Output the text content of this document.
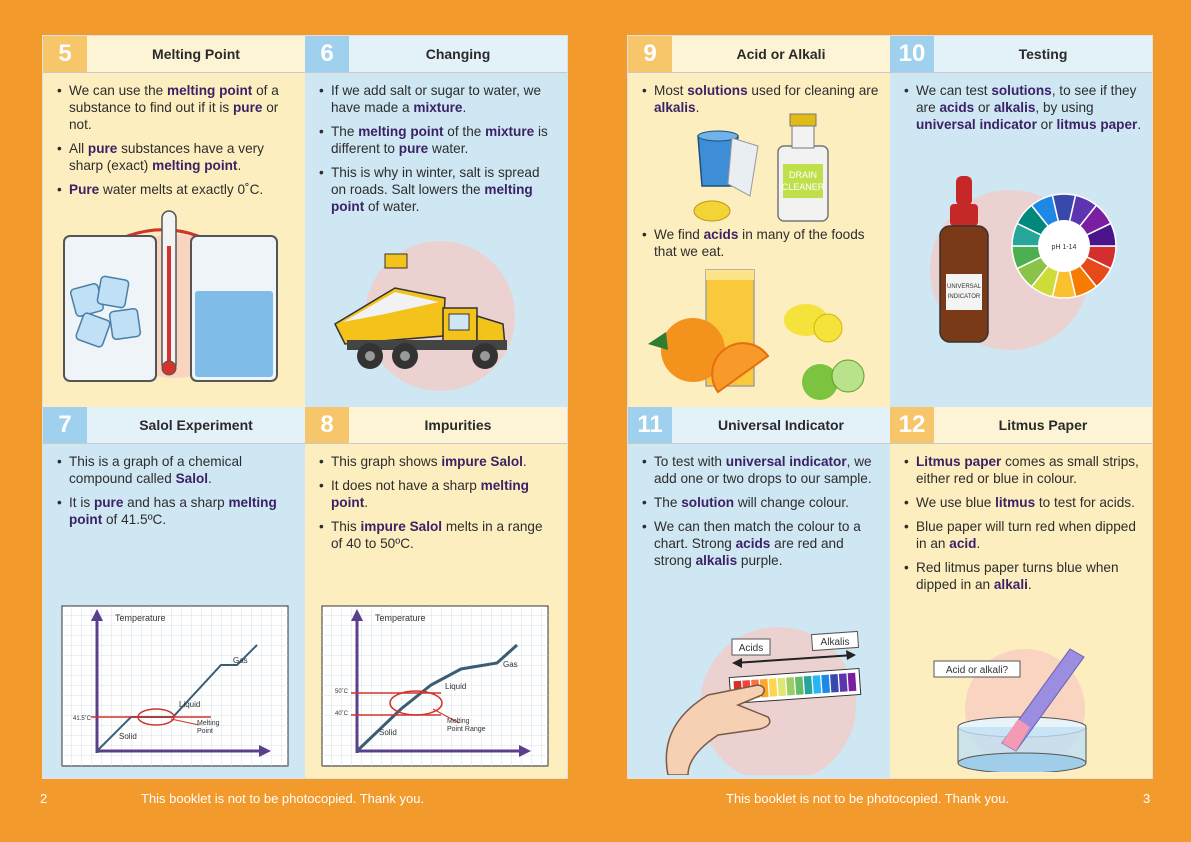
5	Melting Point
• We can use the melting point of a substance to find out if it is pure or not.
• All pure substances have a very sharp (exact) melting point.
• Pure water melts at exactly 0˚C.
6	Changing
• If we add salt or sugar to water, we have made a mixture.
• The melting point of the mixture is different to pure water.
• This is why in winter, salt is spread on roads. Salt lowers the melting point of water.
7	Salol Experiment
• This is a graph of a chemical compound called Salol.
• It is pure and has a sharp melting point of 41.5ºC.
Temperature
Gas
Liquid
Solid
Melting
Point
41.5˚C
8	Impurities
• This graph shows impure Salol.
• It does not have a sharp melting point.
• This impure Salol melts in a range of 40 to 50ºC.
Temperature
Gas
Liquid
Solid
Melting
Point Range
50˚C
40˚C
9	Acid or Alkali
• Most solutions used for cleaning are alkalis.
DRAIN
CLEANER
• We find acids in many of the foods that we eat.
10	Testing
• We can test solutions, to see if they are acids or alkalis, by using universal indicator or litmus paper.
UNIVERSAL
INDICATOR
pH 1-14
11	Universal Indicator
• To test with universal indicator, we add one or two drops to our sample.
• The solution will change colour.
• We can then match the colour to a chart. Strong acids are red and strong alkalis purple.
Acids
Alkalis
12	Litmus Paper
• Litmus paper comes as small strips, either red or blue in colour.
• We use blue litmus to test for acids.
• Blue paper will turn red when dipped in an acid.
• Red litmus paper turns blue when dipped in an alkali.
Acid or alkali?
2	This booklet is not to be photocopied. Thank you.	This booklet is not to be photocopied. Thank you.	3
